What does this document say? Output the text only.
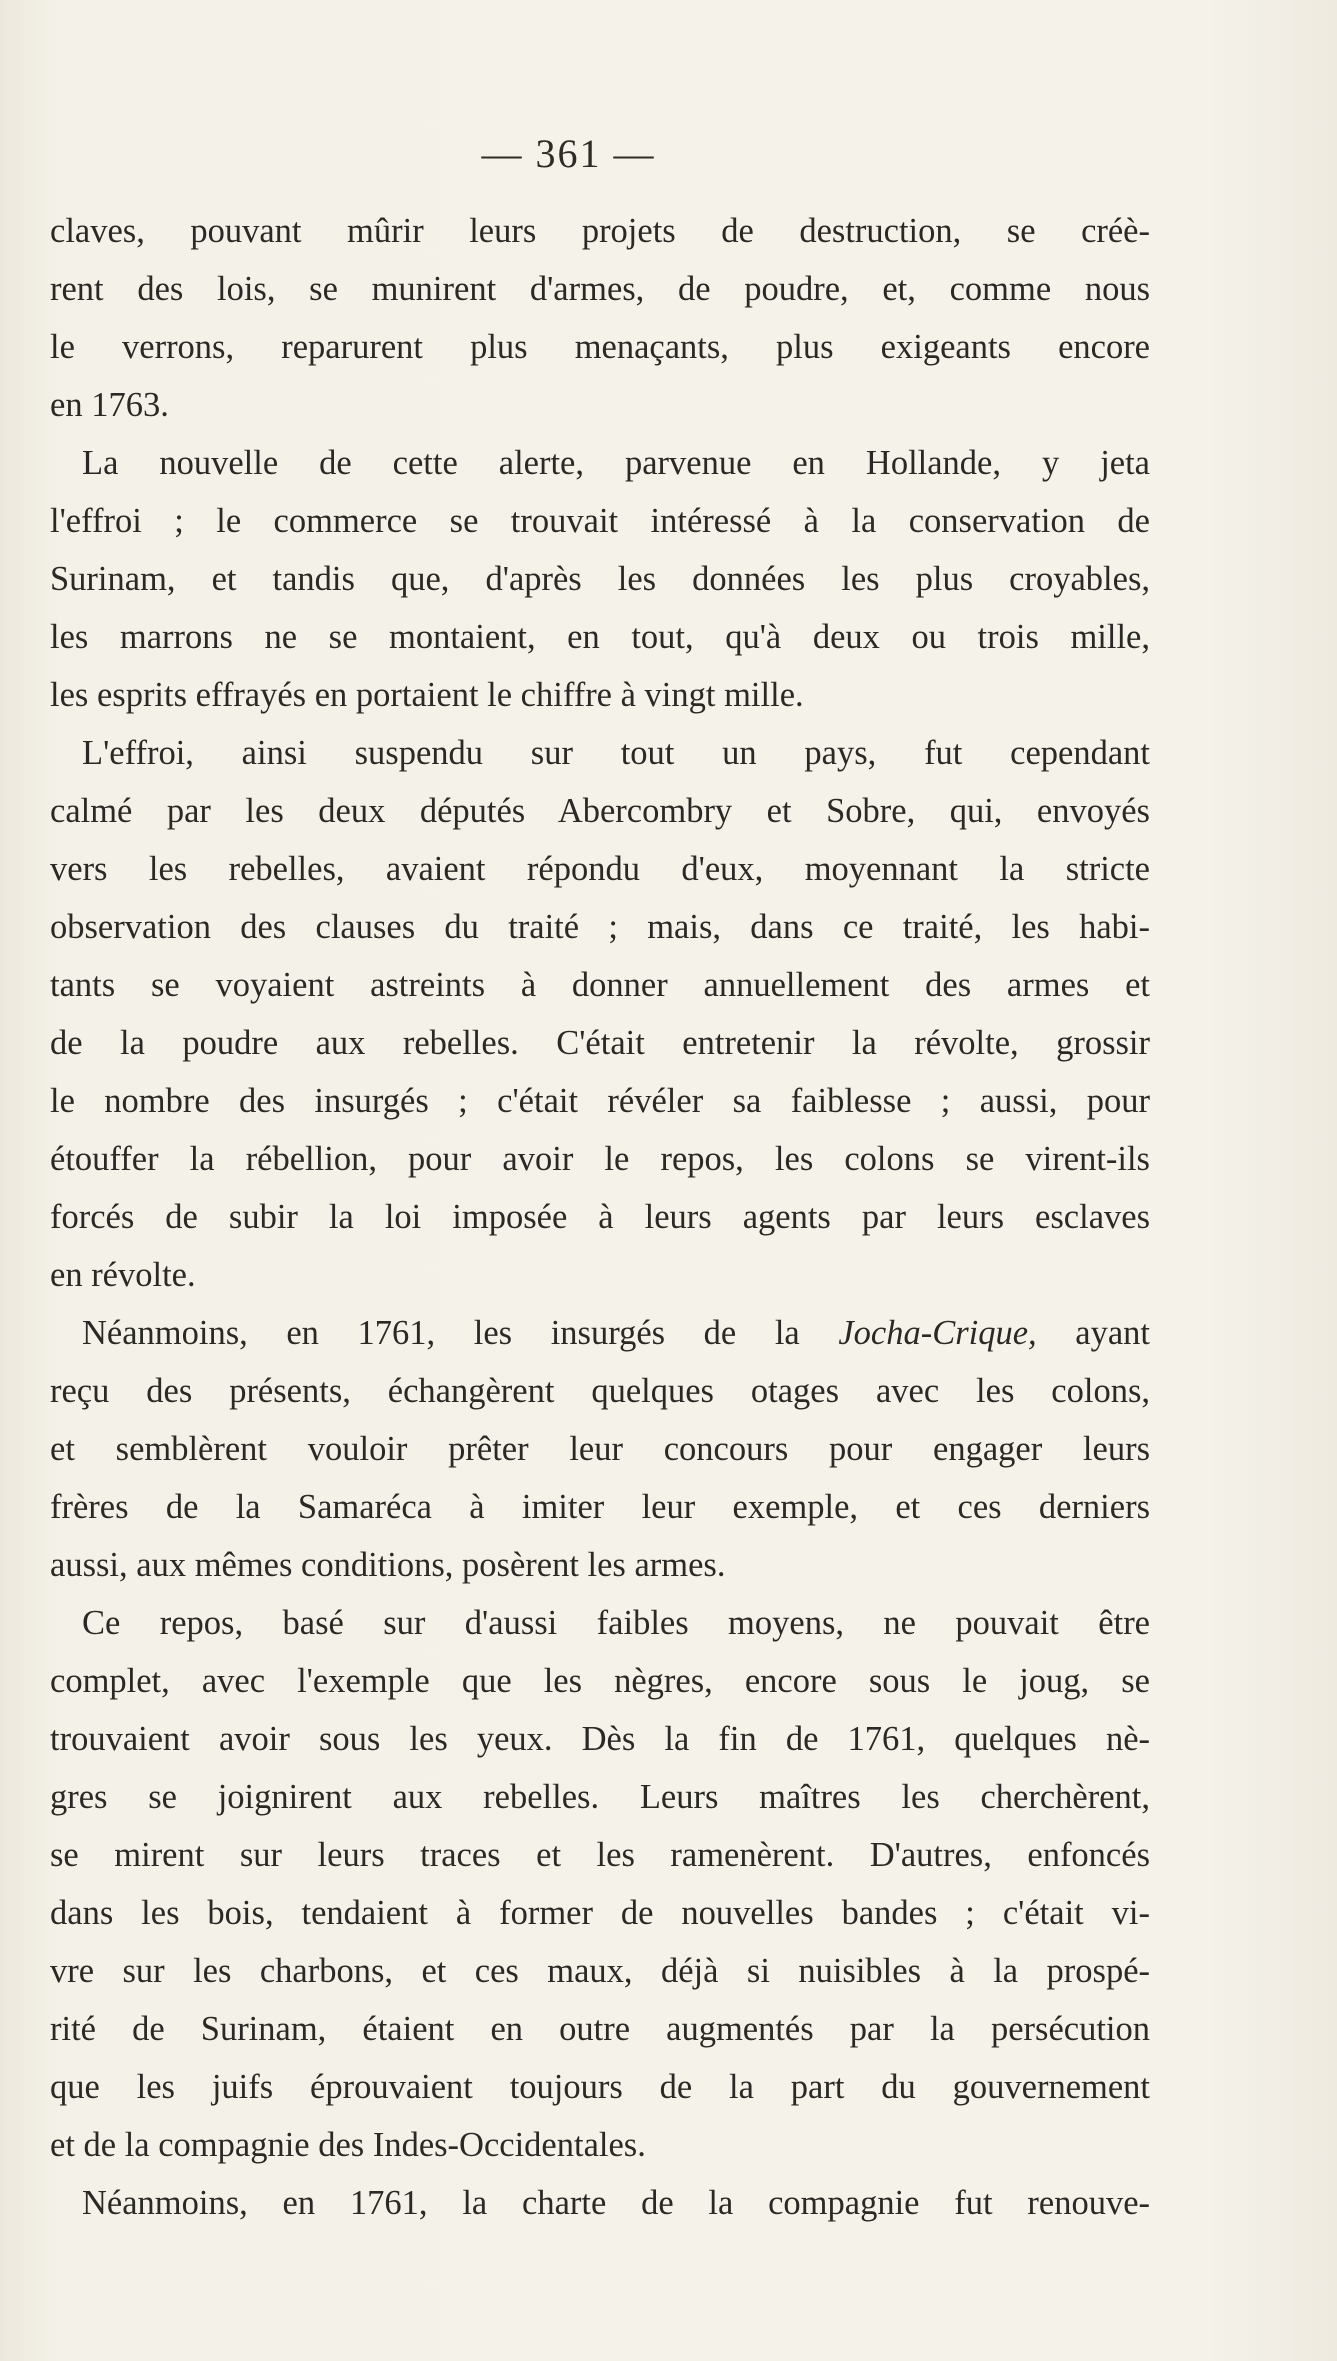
— 361 —
claves, pouvant mûrir leurs projets de destruction, se créè-
rent des lois, se munirent d'armes, de poudre, et, comme nous
le verrons, reparurent plus menaçants, plus exigeants encore
en 1763.
La nouvelle de cette alerte, parvenue en Hollande, y jeta
l'effroi ; le commerce se trouvait intéressé à la conservation de
Surinam, et tandis que, d'après les données les plus croyables,
les marrons ne se montaient, en tout, qu'à deux ou trois mille,
les esprits effrayés en portaient le chiffre à vingt mille.
L'effroi, ainsi suspendu sur tout un pays, fut cependant
calmé par les deux députés Abercombry et Sobre, qui, envoyés
vers les rebelles, avaient répondu d'eux, moyennant la stricte
observation des clauses du traité ; mais, dans ce traité, les habi-
tants se voyaient astreints à donner annuellement des armes et
de la poudre aux rebelles. C'était entretenir la révolte, grossir
le nombre des insurgés ; c'était révéler sa faiblesse ; aussi, pour
étouffer la rébellion, pour avoir le repos, les colons se virent-ils
forcés de subir la loi imposée à leurs agents par leurs esclaves
en révolte.
Néanmoins, en 1761, les insurgés de la Jocha-Crique, ayant
reçu des présents, échangèrent quelques otages avec les colons,
et semblèrent vouloir prêter leur concours pour engager leurs
frères de la Samaréca à imiter leur exemple, et ces derniers
aussi, aux mêmes conditions, posèrent les armes.
Ce repos, basé sur d'aussi faibles moyens, ne pouvait être
complet, avec l'exemple que les nègres, encore sous le joug, se
trouvaient avoir sous les yeux. Dès la fin de 1761, quelques nè-
gres se joignirent aux rebelles. Leurs maîtres les cherchèrent,
se mirent sur leurs traces et les ramenèrent. D'autres, enfoncés
dans les bois, tendaient à former de nouvelles bandes ; c'était vi-
vre sur les charbons, et ces maux, déjà si nuisibles à la prospé-
rité de Surinam, étaient en outre augmentés par la persécution
que les juifs éprouvaient toujours de la part du gouvernement
et de la compagnie des Indes-Occidentales.
Néanmoins, en 1761, la charte de la compagnie fut renouve-
